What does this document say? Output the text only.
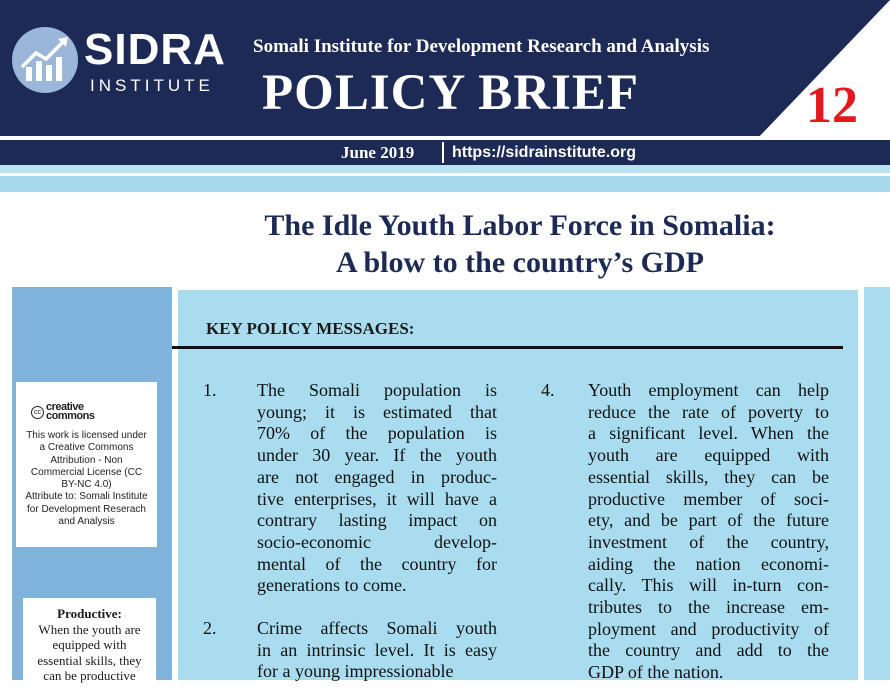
SIDRA
INSTITUTE
Somali Institute for Development Research and Analysis
POLICY BRIEF	12
June 2019 https://sidrainstitute.org
The Idle Youth Labor Force in Somalia:
A blow to the country’s GDP
cc creative
commons
This work is licensed under
a Creative Commons
Attribution - Non
Commercial License (CC
BY-NC 4.0)
Attribute to: Somali Institute
for Development Reserach
and Analysis
Productive:
When the youth are
equipped with
essential skills, they
can be productive
KEY POLICY MESSAGES:
1. The Somali population is
young; it is estimated that
70% of the population is
under 30 year. If the youth
are not engaged in produc-
tive enterprises, it will have a
contrary lasting impact on
socio-economic develop-
mental of the country for
generations to come.
2. Crime affects Somali youth
in an intrinsic level. It is easy
for a young impressionable
4. Youth employment can help
reduce the rate of poverty to
a significant level. When the
youth are equipped with
essential skills, they can be
productive member of soci-
ety, and be part of the future
investment of the country,
aiding the nation economi-
cally. This will in-turn con-
tributes to the increase em-
ployment and productivity of
the country and add to the
GDP of the nation.
